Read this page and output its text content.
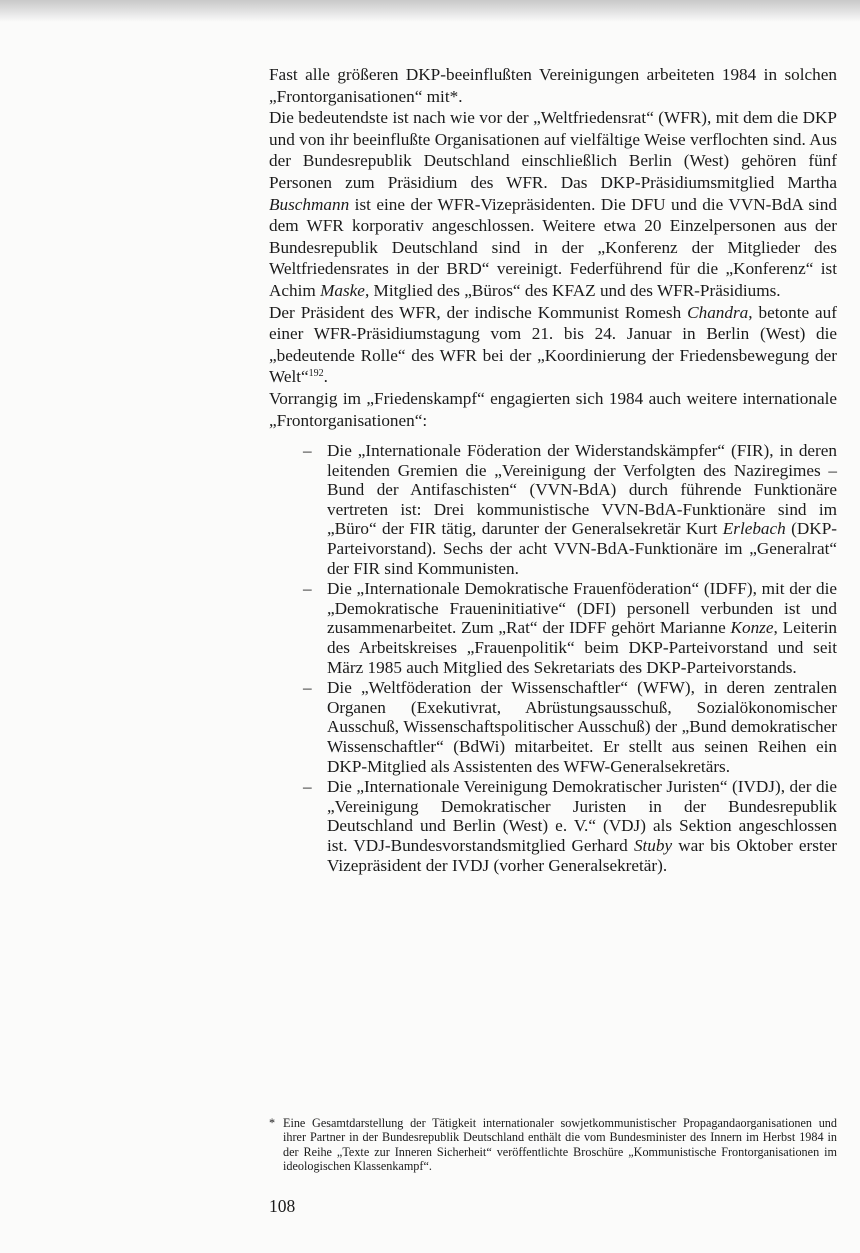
Fast alle größeren DKP-beeinflußten Vereinigungen arbeiteten 1984 in solchen „Frontorganisationen“ mit*.

Die bedeutendste ist nach wie vor der „Weltfriedensrat“ (WFR), mit dem die DKP und von ihr beeinflußte Organisationen auf vielfältige Weise verflochten sind. Aus der Bundesrepublik Deutschland einschließlich Berlin (West) gehören fünf Personen zum Präsidium des WFR. Das DKP-Präsidiumsmitglied Martha Buschmann ist eine der WFR-Vizepräsidenten. Die DFU und die VVN-BdA sind dem WFR korporativ angeschlossen. Weitere etwa 20 Einzelpersonen aus der Bundesrepublik Deutschland sind in der „Konferenz der Mitglieder des Weltfriedensrates in der BRD“ vereinigt. Federführend für die „Konferenz“ ist Achim Maske, Mitglied des „Büros“ des KFAZ und des WFR-Präsidiums.

Der Präsident des WFR, der indische Kommunist Romesh Chandra, betonte auf einer WFR-Präsidiumstagung vom 21. bis 24. Januar in Berlin (West) die „bedeutende Rolle“ des WFR bei der „Koordinierung der Friedensbewegung der Welt“$^{192}$.

Vorrangig im „Friedenskampf“ engagierten sich 1984 auch weitere internationale „Frontorganisationen“:

– Die „Internationale Föderation der Widerstandskämpfer“ (FIR), in deren leitenden Gremien die „Vereinigung der Verfolgten des Naziregimes – Bund der Antifaschisten“ (VVN-BdA) durch führende Funktionäre vertreten ist: Drei kommunistische VVN-BdA-Funktionäre sind im „Büro“ der FIR tätig, darunter der Generalsekretär Kurt Erlebach (DKP-Parteivorstand). Sechs der acht VVN-BdA-Funktionäre im „Generalrat“ der FIR sind Kommunisten.
– Die „Internationale Demokratische Frauenföderation“ (IDFF), mit der die „Demokratische Fraueninitiative“ (DFI) personell verbunden ist und zusammenarbeitet. Zum „Rat“ der IDFF gehört Marianne Konze, Leiterin des Arbeitskreises „Frauenpolitik“ beim DKP-Parteivorstand und seit März 1985 auch Mitglied des Sekretariats des DKP-Parteivorstands.
– Die „Weltföderation der Wissenschaftler“ (WFW), in deren zentralen Organen (Exekutivrat, Abrüstungsausschuß, Sozialökonomischer Ausschuß, Wissenschaftspolitischer Ausschuß) der „Bund demokratischer Wissenschaftler“ (BdWi) mitarbeitet. Er stellt aus seinen Reihen ein DKP-Mitglied als Assistenten des WFW-Generalsekretärs.
– Die „Internationale Vereinigung Demokratischer Juristen“ (IVDJ), der die „Vereinigung Demokratischer Juristen in der Bundesrepublik Deutschland und Berlin (West) e. V.“ (VDJ) als Sektion angeschlossen ist. VDJ-Bundesvorstandsmitglied Gerhard Stuby war bis Oktober erster Vizepräsident der IVDJ (vorher Generalsekretär).
* Eine Gesamtdarstellung der Tätigkeit internationaler sowjetkommunistischer Propagandaorganisationen und ihrer Partner in der Bundesrepublik Deutschland enthält die vom Bundesminister des Innern im Herbst 1984 in der Reihe „Texte zur Inneren Sicherheit“ veröffentlichte Broschüre „Kommunistische Frontorganisationen im ideologischen Klassenkampf“.
108
